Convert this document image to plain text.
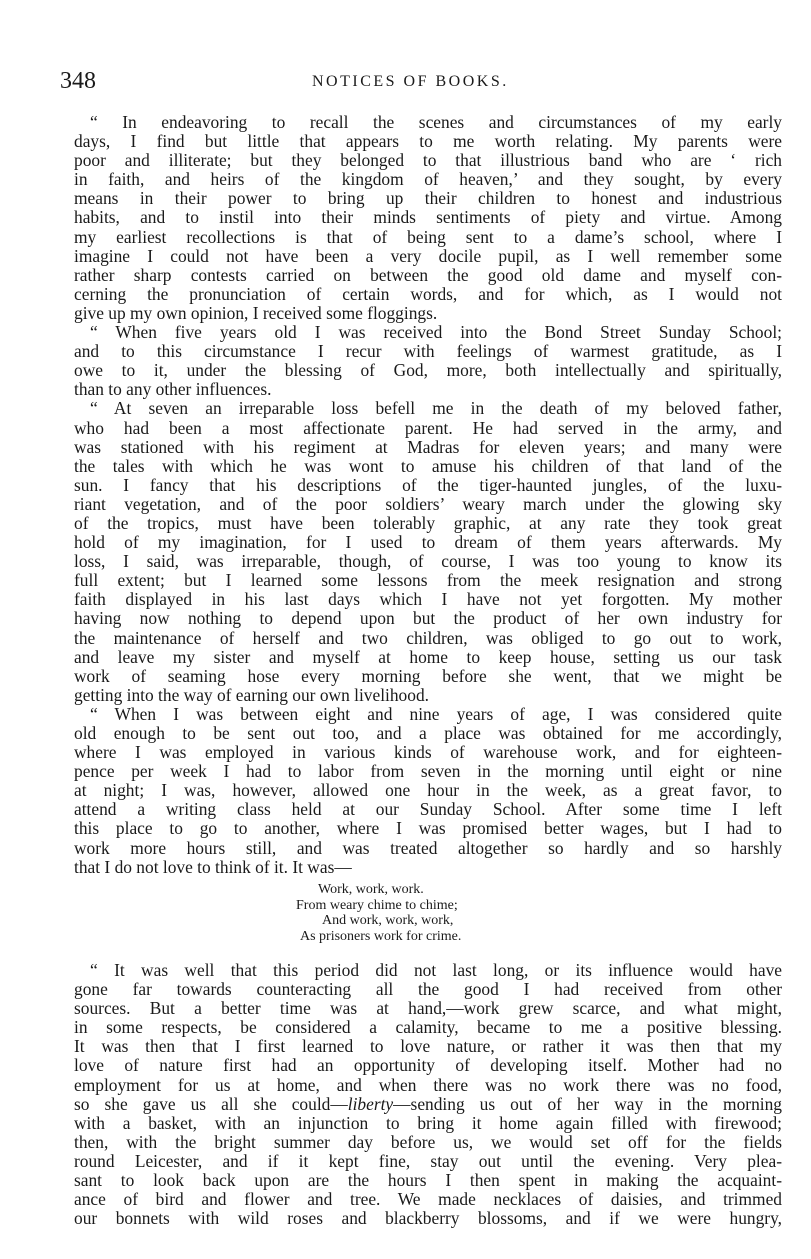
348	NOTICES OF BOOKS.
“ In endeavoring to recall the scenes and circumstances of my early
days, I find but little that appears to me worth relating. My parents were
poor and illiterate; but they belonged to that illustrious band who are ‘ rich
in faith, and heirs of the kingdom of heaven,’ and they sought, by every
means in their power to bring up their children to honest and industrious
habits, and to instil into their minds sentiments of piety and virtue. Among
my earliest recollections is that of being sent to a dame’s school, where I
imagine I could not have been a very docile pupil, as I well remember some
rather sharp contests carried on between the good old dame and myself con-
cerning the pronunciation of certain words, and for which, as I would not
give up my own opinion, I received some floggings.
“ When five years old I was received into the Bond Street Sunday School;
and to this circumstance I recur with feelings of warmest gratitude, as I
owe to it, under the blessing of God, more, both intellectually and spiritually,
than to any other influences.
“ At seven an irreparable loss befell me in the death of my beloved father,
who had been a most affectionate parent. He had served in the army, and
was stationed with his regiment at Madras for eleven years; and many were
the tales with which he was wont to amuse his children of that land of the
sun. I fancy that his descriptions of the tiger-haunted jungles, of the luxu-
riant vegetation, and of the poor soldiers’ weary march under the glowing sky
of the tropics, must have been tolerably graphic, at any rate they took great
hold of my imagination, for I used to dream of them years afterwards. My
loss, I said, was irreparable, though, of course, I was too young to know its
full extent; but I learned some lessons from the meek resignation and strong
faith displayed in his last days which I have not yet forgotten. My mother
having now nothing to depend upon but the product of her own industry for
the maintenance of herself and two children, was obliged to go out to work,
and leave my sister and myself at home to keep house, setting us our task
work of seaming hose every morning before she went, that we might be
getting into the way of earning our own livelihood.
“ When I was between eight and nine years of age, I was considered quite
old enough to be sent out too, and a place was obtained for me accordingly,
where I was employed in various kinds of warehouse work, and for eighteen-
pence per week I had to labor from seven in the morning until eight or nine
at night; I was, however, allowed one hour in the week, as a great favor, to
attend a writing class held at our Sunday School. After some time I left
this place to go to another, where I was promised better wages, but I had to
work more hours still, and was treated altogether so hardly and so harshly
that I do not love to think of it. It was—
Work, work, work.
From weary chime to chime;
And work, work, work,
As prisoners work for crime.
“ It was well that this period did not last long, or its influence would have
gone far towards counteracting all the good I had received from other
sources. But a better time was at hand,—work grew scarce, and what might,
in some respects, be considered a calamity, became to me a positive blessing.
It was then that I first learned to love nature, or rather it was then that my
love of nature first had an opportunity of developing itself. Mother had no
employment for us at home, and when there was no work there was no food,
so she gave us all she could—liberty—sending us out of her way in the morning
with a basket, with an injunction to bring it home again filled with firewood;
then, with the bright summer day before us, we would set off for the fields
round Leicester, and if it kept fine, stay out until the evening. Very plea-
sant to look back upon are the hours I then spent in making the acquaint-
ance of bird and flower and tree. We made necklaces of daisies, and trimmed
our bonnets with wild roses and blackberry blossoms, and if we were hungry,
